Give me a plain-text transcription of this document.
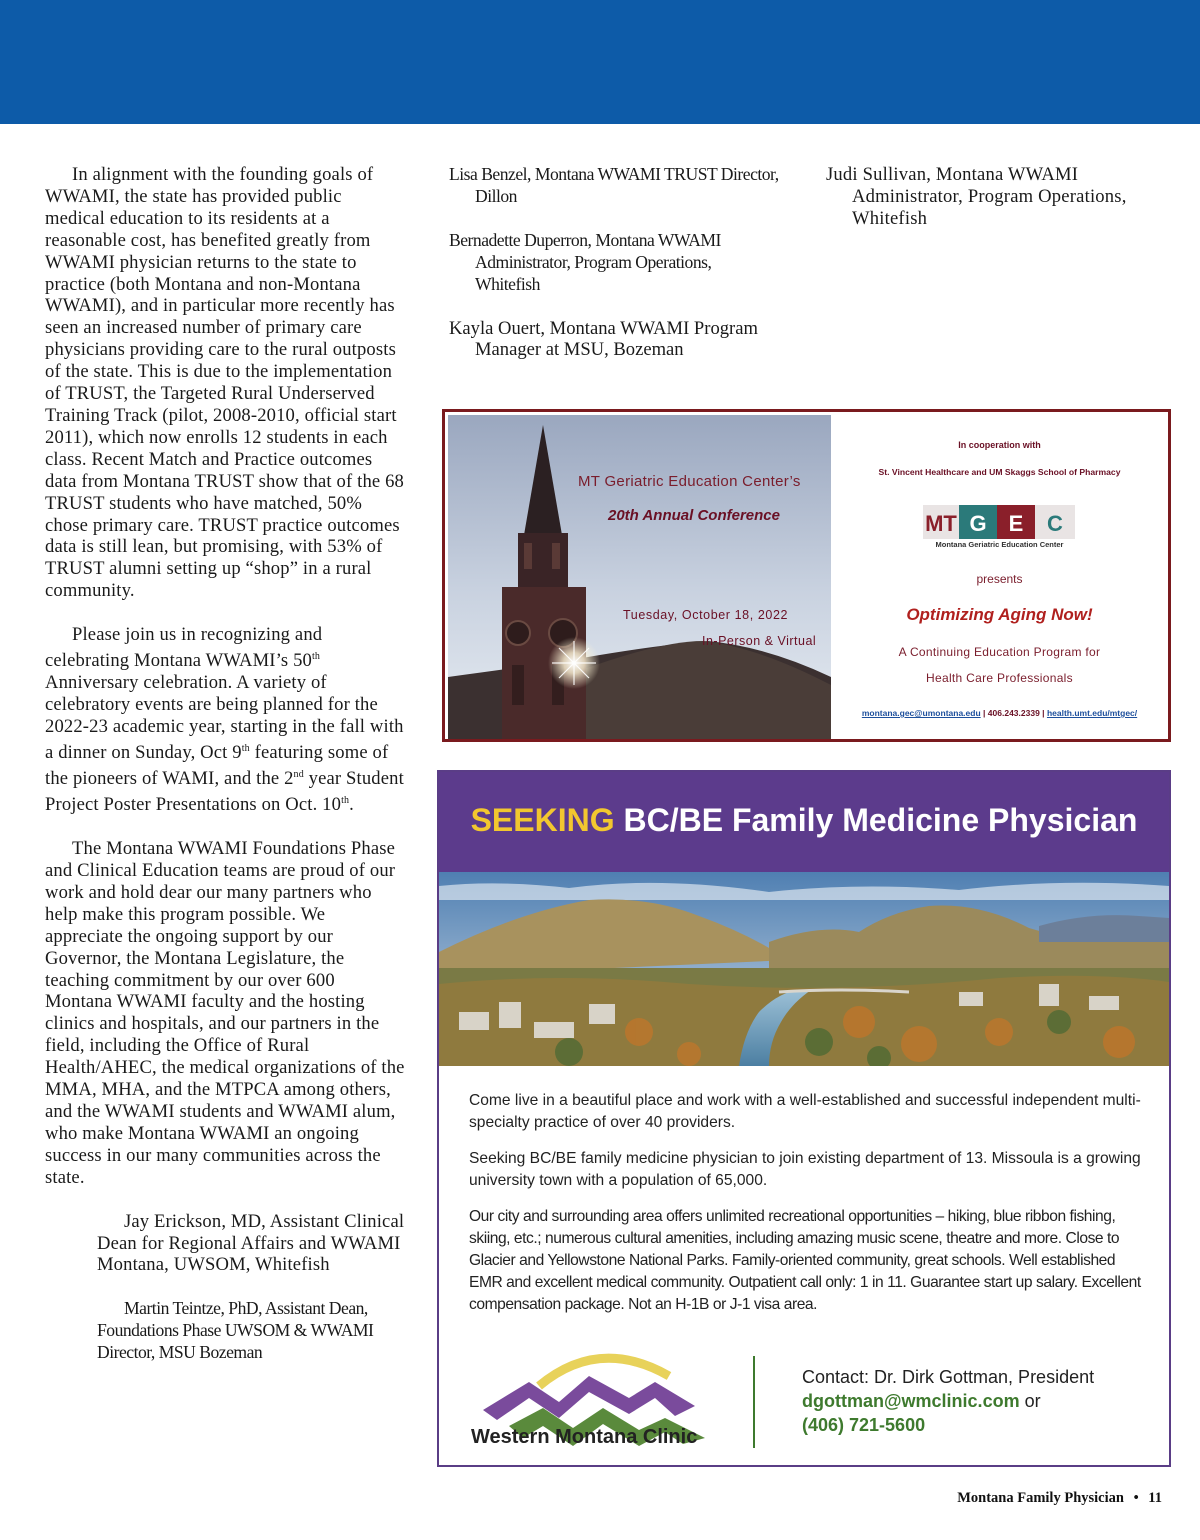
In alignment with the founding goals of WWAMI, the state has provided public medical education to its residents at a reasonable cost, has benefited greatly from WWAMI physician returns to the state to practice (both Montana and non-Montana WWAMI), and in particular more recently has seen an increased number of primary care physicians providing care to the rural outposts of the state. This is due to the implementation of TRUST, the Targeted Rural Underserved Training Track (pilot, 2008-2010, official start 2011), which now enrolls 12 students in each class. Recent Match and Practice outcomes data from Montana TRUST show that of the 68 TRUST students who have matched, 50% chose primary care. TRUST practice outcomes data is still lean, but promising, with 53% of TRUST alumni setting up “shop” in a rural community.

Please join us in recognizing and celebrating Montana WWAMI’s 50th Anniversary celebration. A variety of celebratory events are being planned for the 2022-23 academic year, starting in the fall with a dinner on Sunday, Oct 9th featuring some of the pioneers of WAMI, and the 2nd year Student Project Poster Presentations on Oct. 10th.

The Montana WWAMI Foundations Phase and Clinical Education teams are proud of our work and hold dear our many partners who help make this program possible. We appreciate the ongoing support by our Governor, the Montana Legislature, the teaching commitment by our over 600 Montana WWAMI faculty and the hosting clinics and hospitals, and our partners in the field, including the Office of Rural Health/AHEC, the medical organizations of the MMA, MHA, and the MTPCA among others, and the WWAMI students and WWAMI alum, who make Montana WWAMI an ongoing success in our many communities across the state.

Jay Erickson, MD, Assistant Clinical Dean for Regional Affairs and WWAMI Montana, UWSOM, Whitefish

Martin Teintze, PhD, Assistant Dean, Foundations Phase UWSOM & WWAMI Director, MSU Bozeman

Lisa Benzel, Montana WWAMI TRUST Director, Dillon

Bernadette Duperron, Montana WWAMI Administrator, Program Operations, Whitefish

Kayla Ouert, Montana WWAMI Program Manager at MSU, Bozeman

Judi Sullivan, Montana WWAMI Administrator, Program Operations, Whitefish

MT Geriatric Education Center’s
20th Annual Conference
Tuesday, October 18, 2022
In-Person & Virtual
In cooperation with
St. Vincent Healthcare and UM Skaggs School of Pharmacy
MT G E C
Montana Geriatric Education Center
presents
Optimizing Aging Now!
A Continuing Education Program for
Health Care Professionals
montana.gec@umontana.edu | 406.243.2339 | health.umt.edu/mtgec/
SEEKING BC/BE Family Medicine Physician

Come live in a beautiful place and work with a well-established and successful independent multi-specialty practice of over 40 providers.

Seeking BC/BE family medicine physician to join existing department of 13. Missoula is a growing university town with a population of 65,000.

Our city and surrounding area offers unlimited recreational opportunities – hiking, blue ribbon fishing, skiing, etc.; numerous cultural amenities, including amazing music scene, theatre and more. Close to Glacier and Yellowstone National Parks. Family-oriented community, great schools. Well established EMR and excellent medical community. Outpatient call only: 1 in 11. Guarantee start up salary. Excellent compensation package. Not an H-1B or J-1 visa area.

Western Montana Clinic
Contact: Dr. Dirk Gottman, President
dgottman@wmclinic.com or
(406) 721-5600
Montana Family Physician • 11
